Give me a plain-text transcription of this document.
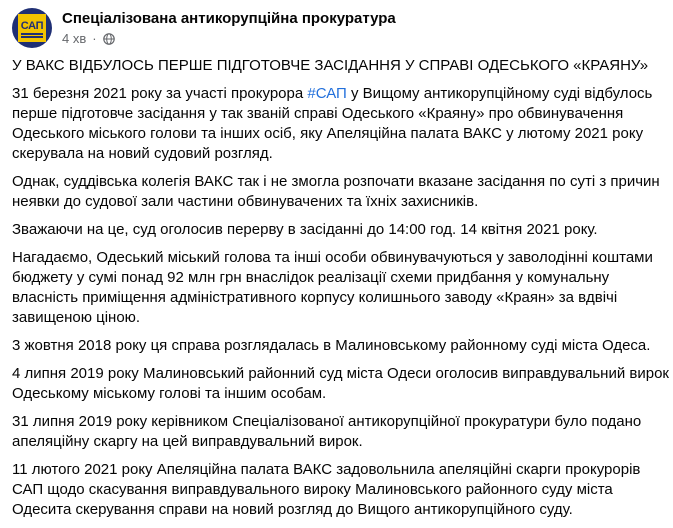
САП Спеціалізована антикорупційна прокуратура
4 хв ·

У ВАКС ВІДБУЛОСЬ ПЕРШЕ ПІДГОТОВЧЕ ЗАСІДАННЯ У СПРАВІ ОДЕСЬКОГО «КРАЯНУ»

31 березня 2021 року за участі прокурора #САП у Вищому антикорупційному суді відбулось перше підготовче засідання у так званій справі Одеського «Краяну» про обвинувачення Одеського міського голови та інших осіб, яку Апеляційна палата ВАКС у лютому 2021 року скерувала на новий судовий розгляд.

Однак, суддівська колегія ВАКС так і не змогла розпочати вказане засідання по суті з причин неявки до судової зали частини обвинувачених та їхніх захисників.

Зважаючи на це, суд оголосив перерву в засіданні до 14:00 год. 14 квітня 2021 року.

Нагадаємо, Одеський міський голова та інші особи обвинувачуються у заволодінні коштами бюджету у сумі понад 92 млн грн внаслідок реалізації схеми придбання у комунальну власність приміщення адміністративного корпусу колишнього заводу «Краян» за вдвічі завищеною ціною.

3 жовтня 2018 року ця справа розглядалась в Малиновському районному суді міста Одеса.

4 липня 2019 року Малиновський районний суд міста Одеси оголосив виправдувальний вирок Одеському міському голові та іншим особам.

31 липня 2019 року керівником Спеціалізованої антикорупційної прокуратури було подано апеляційну скаргу на цей виправдувальний вирок.

11 лютого 2021 року Апеляційна палата ВАКС задовольнила апеляційні скарги прокурорів САП щодо скасування виправдувального вироку Малиновського районного суду міста Одесита скерування справи на новий розгляд до Вищого антикорупційного суду.
